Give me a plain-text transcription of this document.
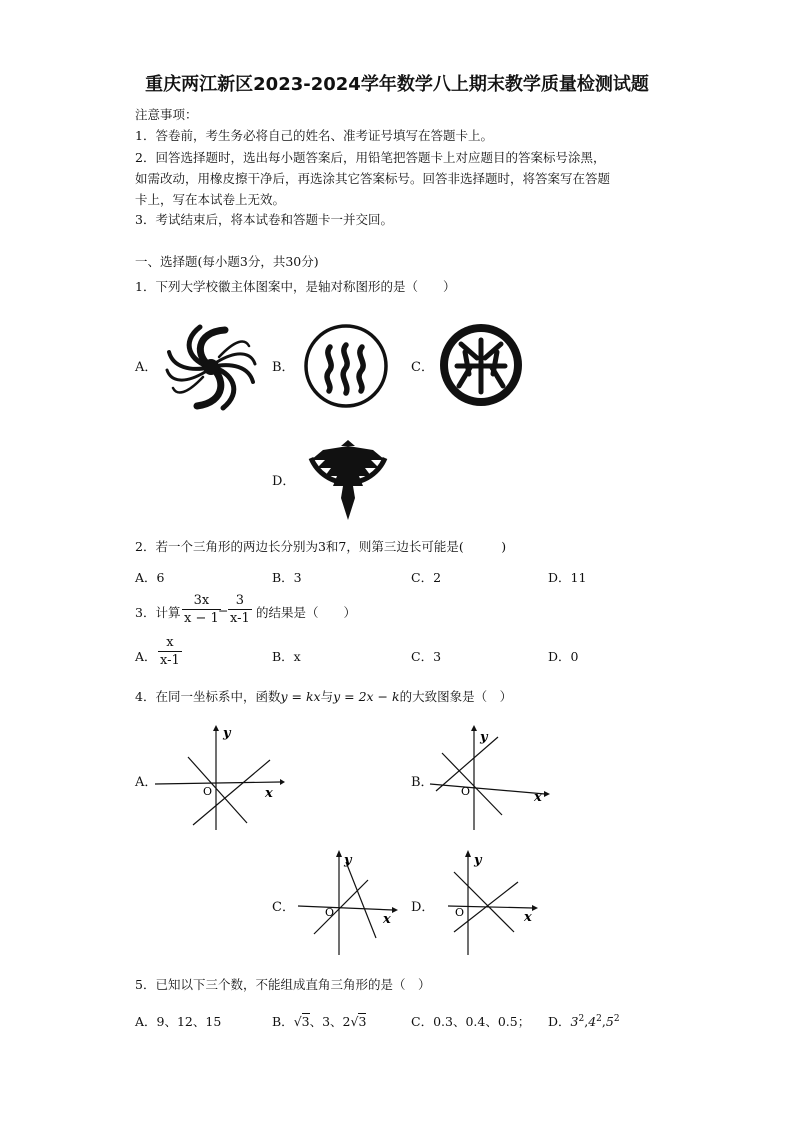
重庆两江新区2023-2024学年数学八上期末教学质量检测试题
注意事项：
1．答卷前，考生务必将自己的姓名、准考证号填写在答题卡上。
2．回答选择题时，选出每小题答案后，用铅笔把答题卡上对应题目的答案标号涂黑，
如需改动，用橡皮擦干净后，再选涂其它答案标号。回答非选择题时，将答案写在答题
卡上，写在本试卷上无效。
3．考试结束后，将本试卷和答题卡一并交回。
一、选择题(每小题3分，共30分)
1．下列大学校徽主体图案中，是轴对称图形的是（　　）
A．	B．	C．
D．
2．若一个三角形的两边长分别为3和7，则第三边长可能是(　　　)
A．6	B．3	C．2	D．11
3．计算
3x
x − 1
−
3
x-1 的结果是（　　）
A．
x
x-1	B．x	C．3	D．0
4．在同一坐标系中，函数y = kx与y = 2x − k的大致图象是（　）
A．	B．
C．	D．
y
x
O
y
x
O
y
x
O
y
x
O
5．已知以下三个数，不能组成直角三角形的是（　）
A．9、12、15	B．√3、3、2√3	C．0.3、0.4、0.5； D．$3^2,4^2,5^2$
